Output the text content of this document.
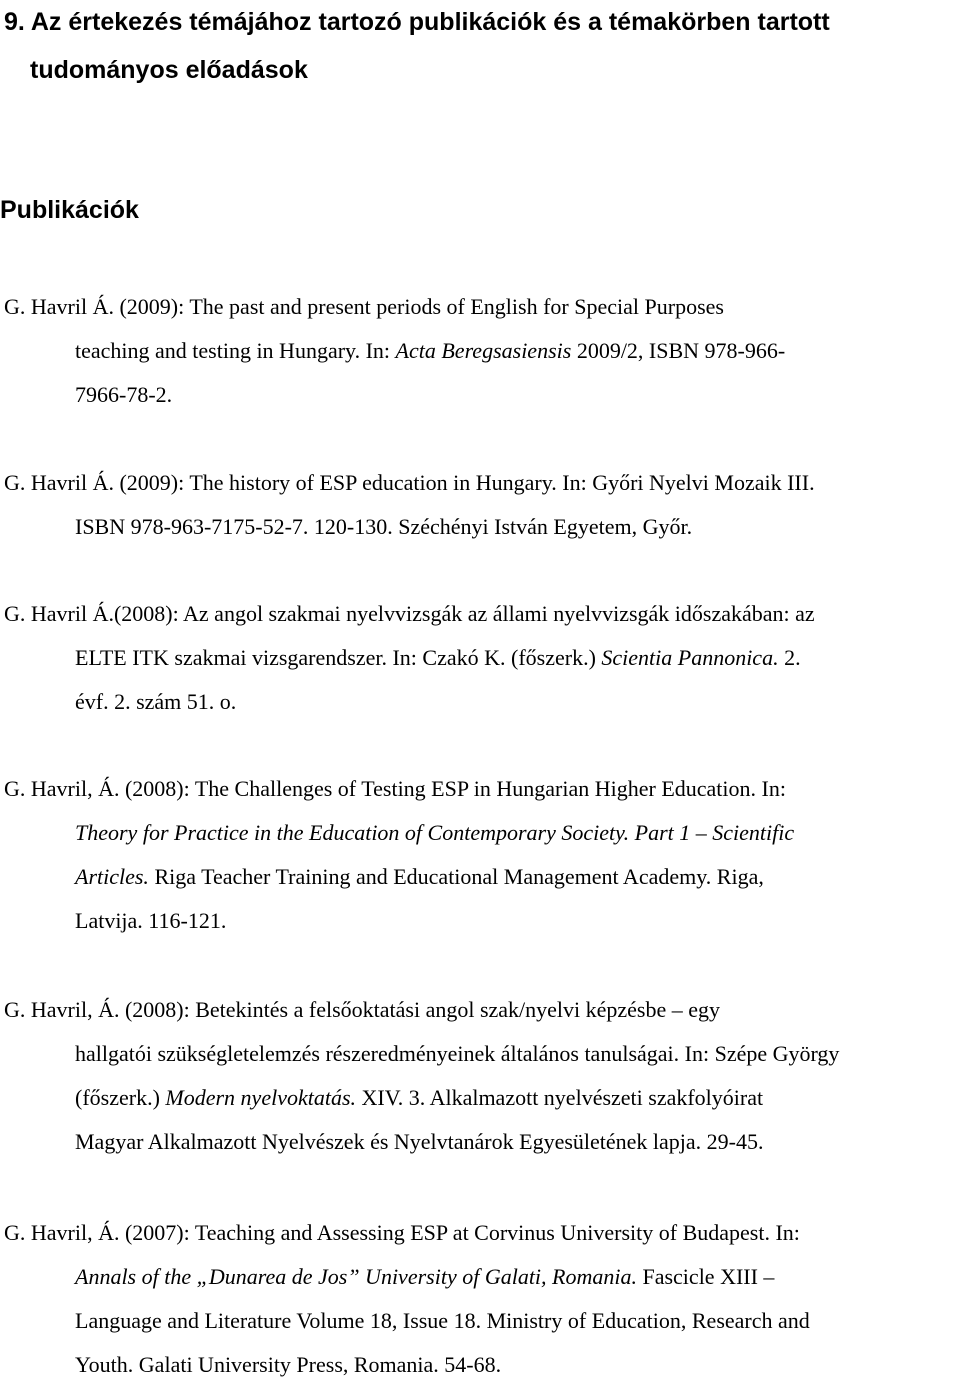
9. Az értekezés témájához tartozó publikációk és a témakörben tartott
tudományos előadások
Publikációk
G. Havril Á. (2009): The past and present periods of English for Special Purposes
teaching and testing in Hungary. In: Acta Beregsasiensis 2009/2, ISBN 978-966-
7966-78-2.
G. Havril Á. (2009): The history of ESP education in Hungary. In: Győri Nyelvi Mozaik III.
ISBN 978-963-7175-52-7. 120-130. Széchényi István Egyetem, Győr.
G. Havril Á.(2008): Az angol szakmai nyelvvizsgák az állami nyelvvizsgák időszakában: az
ELTE ITK szakmai vizsgarendszer. In: Czakó K. (főszerk.) Scientia Pannonica. 2.
évf. 2. szám 51. o.
G. Havril, Á. (2008): The Challenges of Testing ESP in Hungarian Higher Education. In:
Theory for Practice in the Education of Contemporary Society. Part 1 – Scientific
Articles. Riga Teacher Training and Educational Management Academy. Riga,
Latvija. 116-121.
G. Havril, Á. (2008): Betekintés a felsőoktatási angol szak/nyelvi képzésbe – egy
hallgatói szükségletelemzés részeredményeinek általános tanulságai. In: Szépe György
(főszerk.) Modern nyelvoktatás. XIV. 3. Alkalmazott nyelvészeti szakfolyóirat
Magyar Alkalmazott Nyelvészek és Nyelvtanárok Egyesületének lapja. 29-45.
G. Havril, Á. (2007): Teaching and Assessing ESP at Corvinus University of Budapest. In:
Annals of the „Dunarea de Jos” University of Galati, Romania. Fascicle XIII –
Language and Literature Volume 18, Issue 18. Ministry of Education, Research and
Youth. Galati University Press, Romania. 54-68.
